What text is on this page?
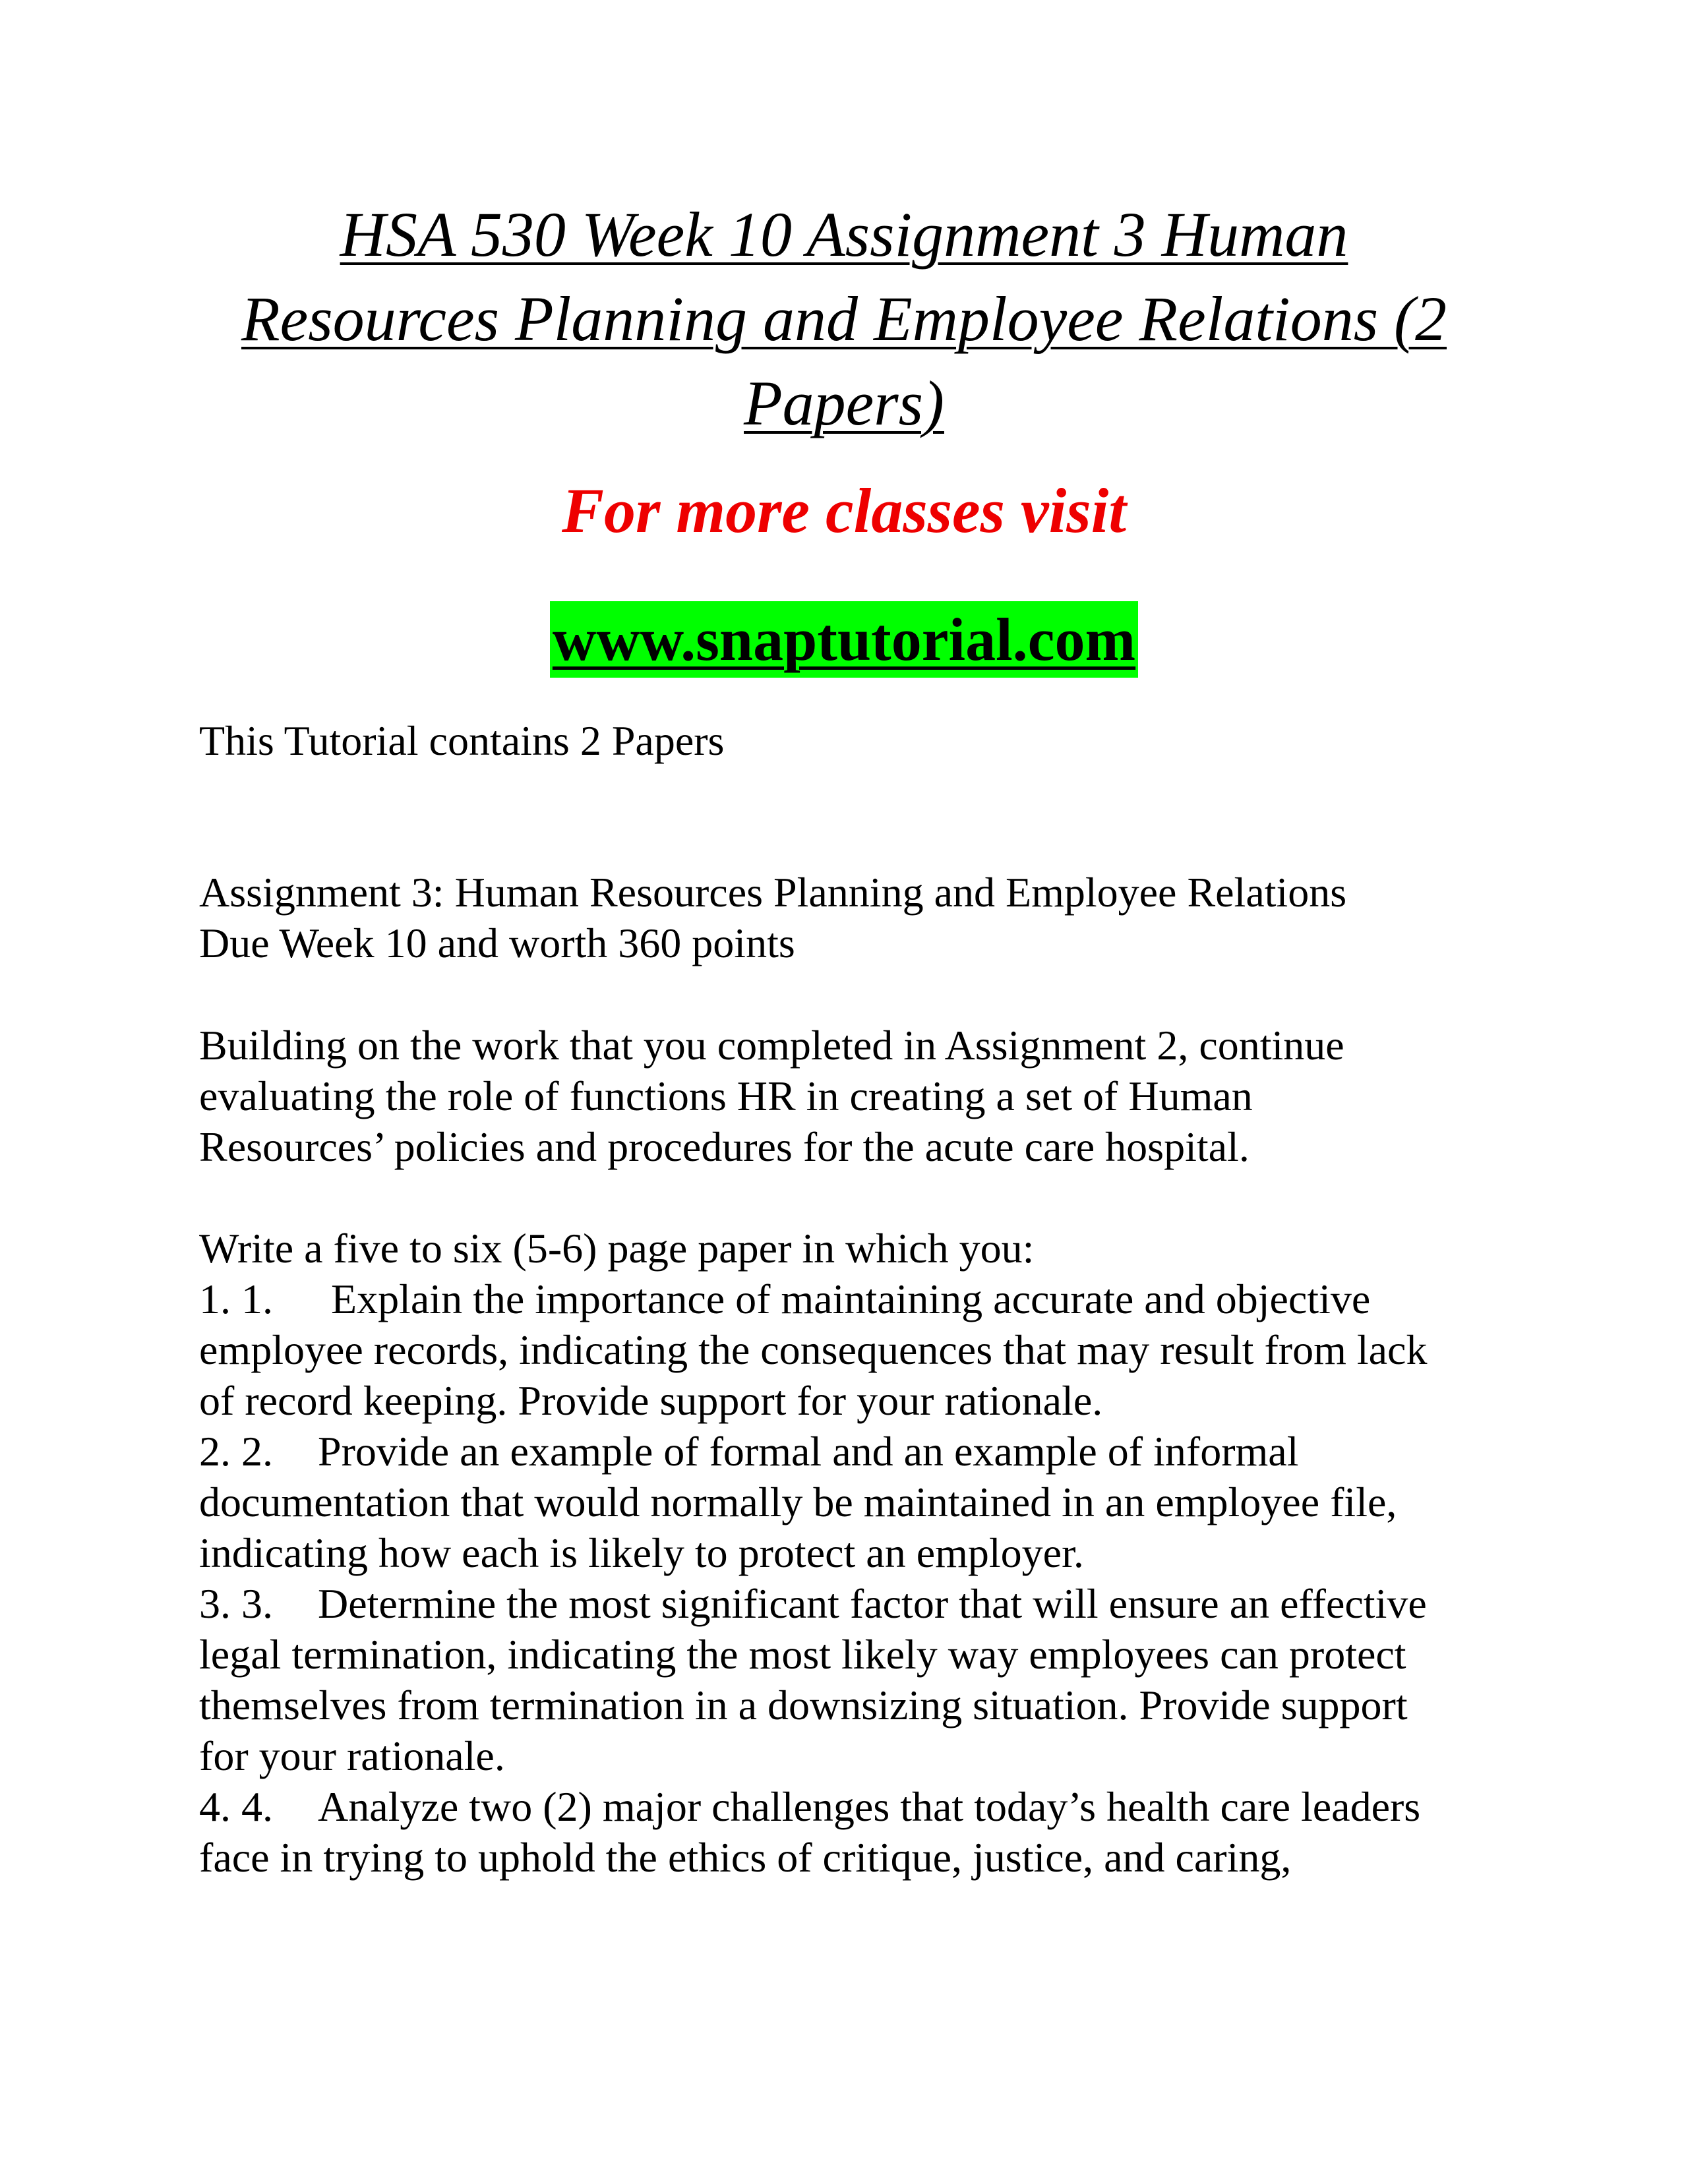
HSA 530 Week 10 Assignment 3 Human
Resources Planning and Employee Relations (2
Papers)

For more classes visit

www.snaptutorial.com

This Tutorial contains 2 Papers

Assignment 3: Human Resources Planning and Employee Relations
Due Week 10 and worth 360 points

Building on the work that you completed in Assignment 2, continue
evaluating the role of functions HR in creating a set of Human
Resources’ policies and procedures for the acute care hospital.

Write a five to six (5-6) page paper in which you:
1. 1. Explain the importance of maintaining accurate and objective
employee records, indicating the consequences that may result from lack
of record keeping. Provide support for your rationale.
2. 2. Provide an example of formal and an example of informal
documentation that would normally be maintained in an employee file,
indicating how each is likely to protect an employer.
3. 3. Determine the most significant factor that will ensure an effective
legal termination, indicating the most likely way employees can protect
themselves from termination in a downsizing situation. Provide support
for your rationale.
4. 4. Analyze two (2) major challenges that today’s health care leaders
face in trying to uphold the ethics of critique, justice, and caring,
